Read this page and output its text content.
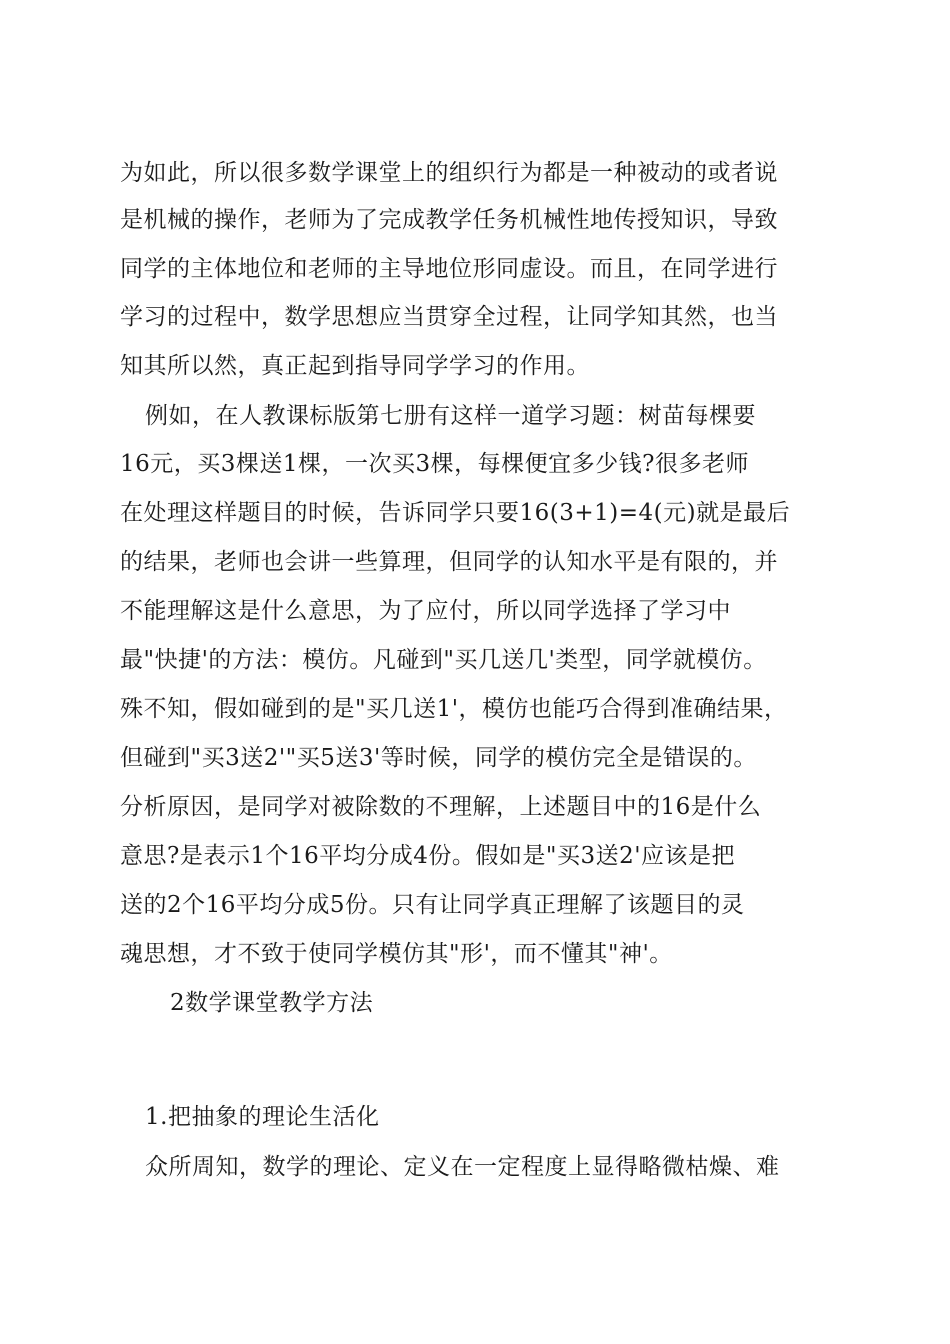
为如此，所以很多数学课堂上的组织行为都是一种被动的或者说
是机械的操作，老师为了完成教学任务机械性地传授知识，导致
同学的主体地位和老师的主导地位形同虚设。而且，在同学进行
学习的过程中，数学思想应当贯穿全过程，让同学知其然，也当
知其所以然，真正起到指导同学学习的作用。
例如，在人教课标版第七册有这样一道学习题：树苗每棵要
16元，买3棵送1棵，一次买3棵，每棵便宜多少钱?很多老师
在处理这样题目的时候，告诉同学只要16(3+1)=4(元)就是最后
的结果，老师也会讲一些算理，但同学的认知水平是有限的，并
不能理解这是什么意思，为了应付，所以同学选择了学习中
最"快捷'的方法：模仿。凡碰到"买几送几'类型，同学就模仿。
殊不知，假如碰到的是"买几送1'，模仿也能巧合得到准确结果，
但碰到"买3送2'"买5送3'等时候，同学的模仿完全是错误的。
分析原因，是同学对被除数的不理解，上述题目中的16是什么
意思?是表示1个16平均分成4份。假如是"买3送2'应该是把
送的2个16平均分成5份。只有让同学真正理解了该题目的灵
魂思想，才不致于使同学模仿其"形'，而不懂其"神'。
2数学课堂教学方法
1.把抽象的理论生活化
众所周知，数学的理论、定义在一定程度上显得略微枯燥、难
